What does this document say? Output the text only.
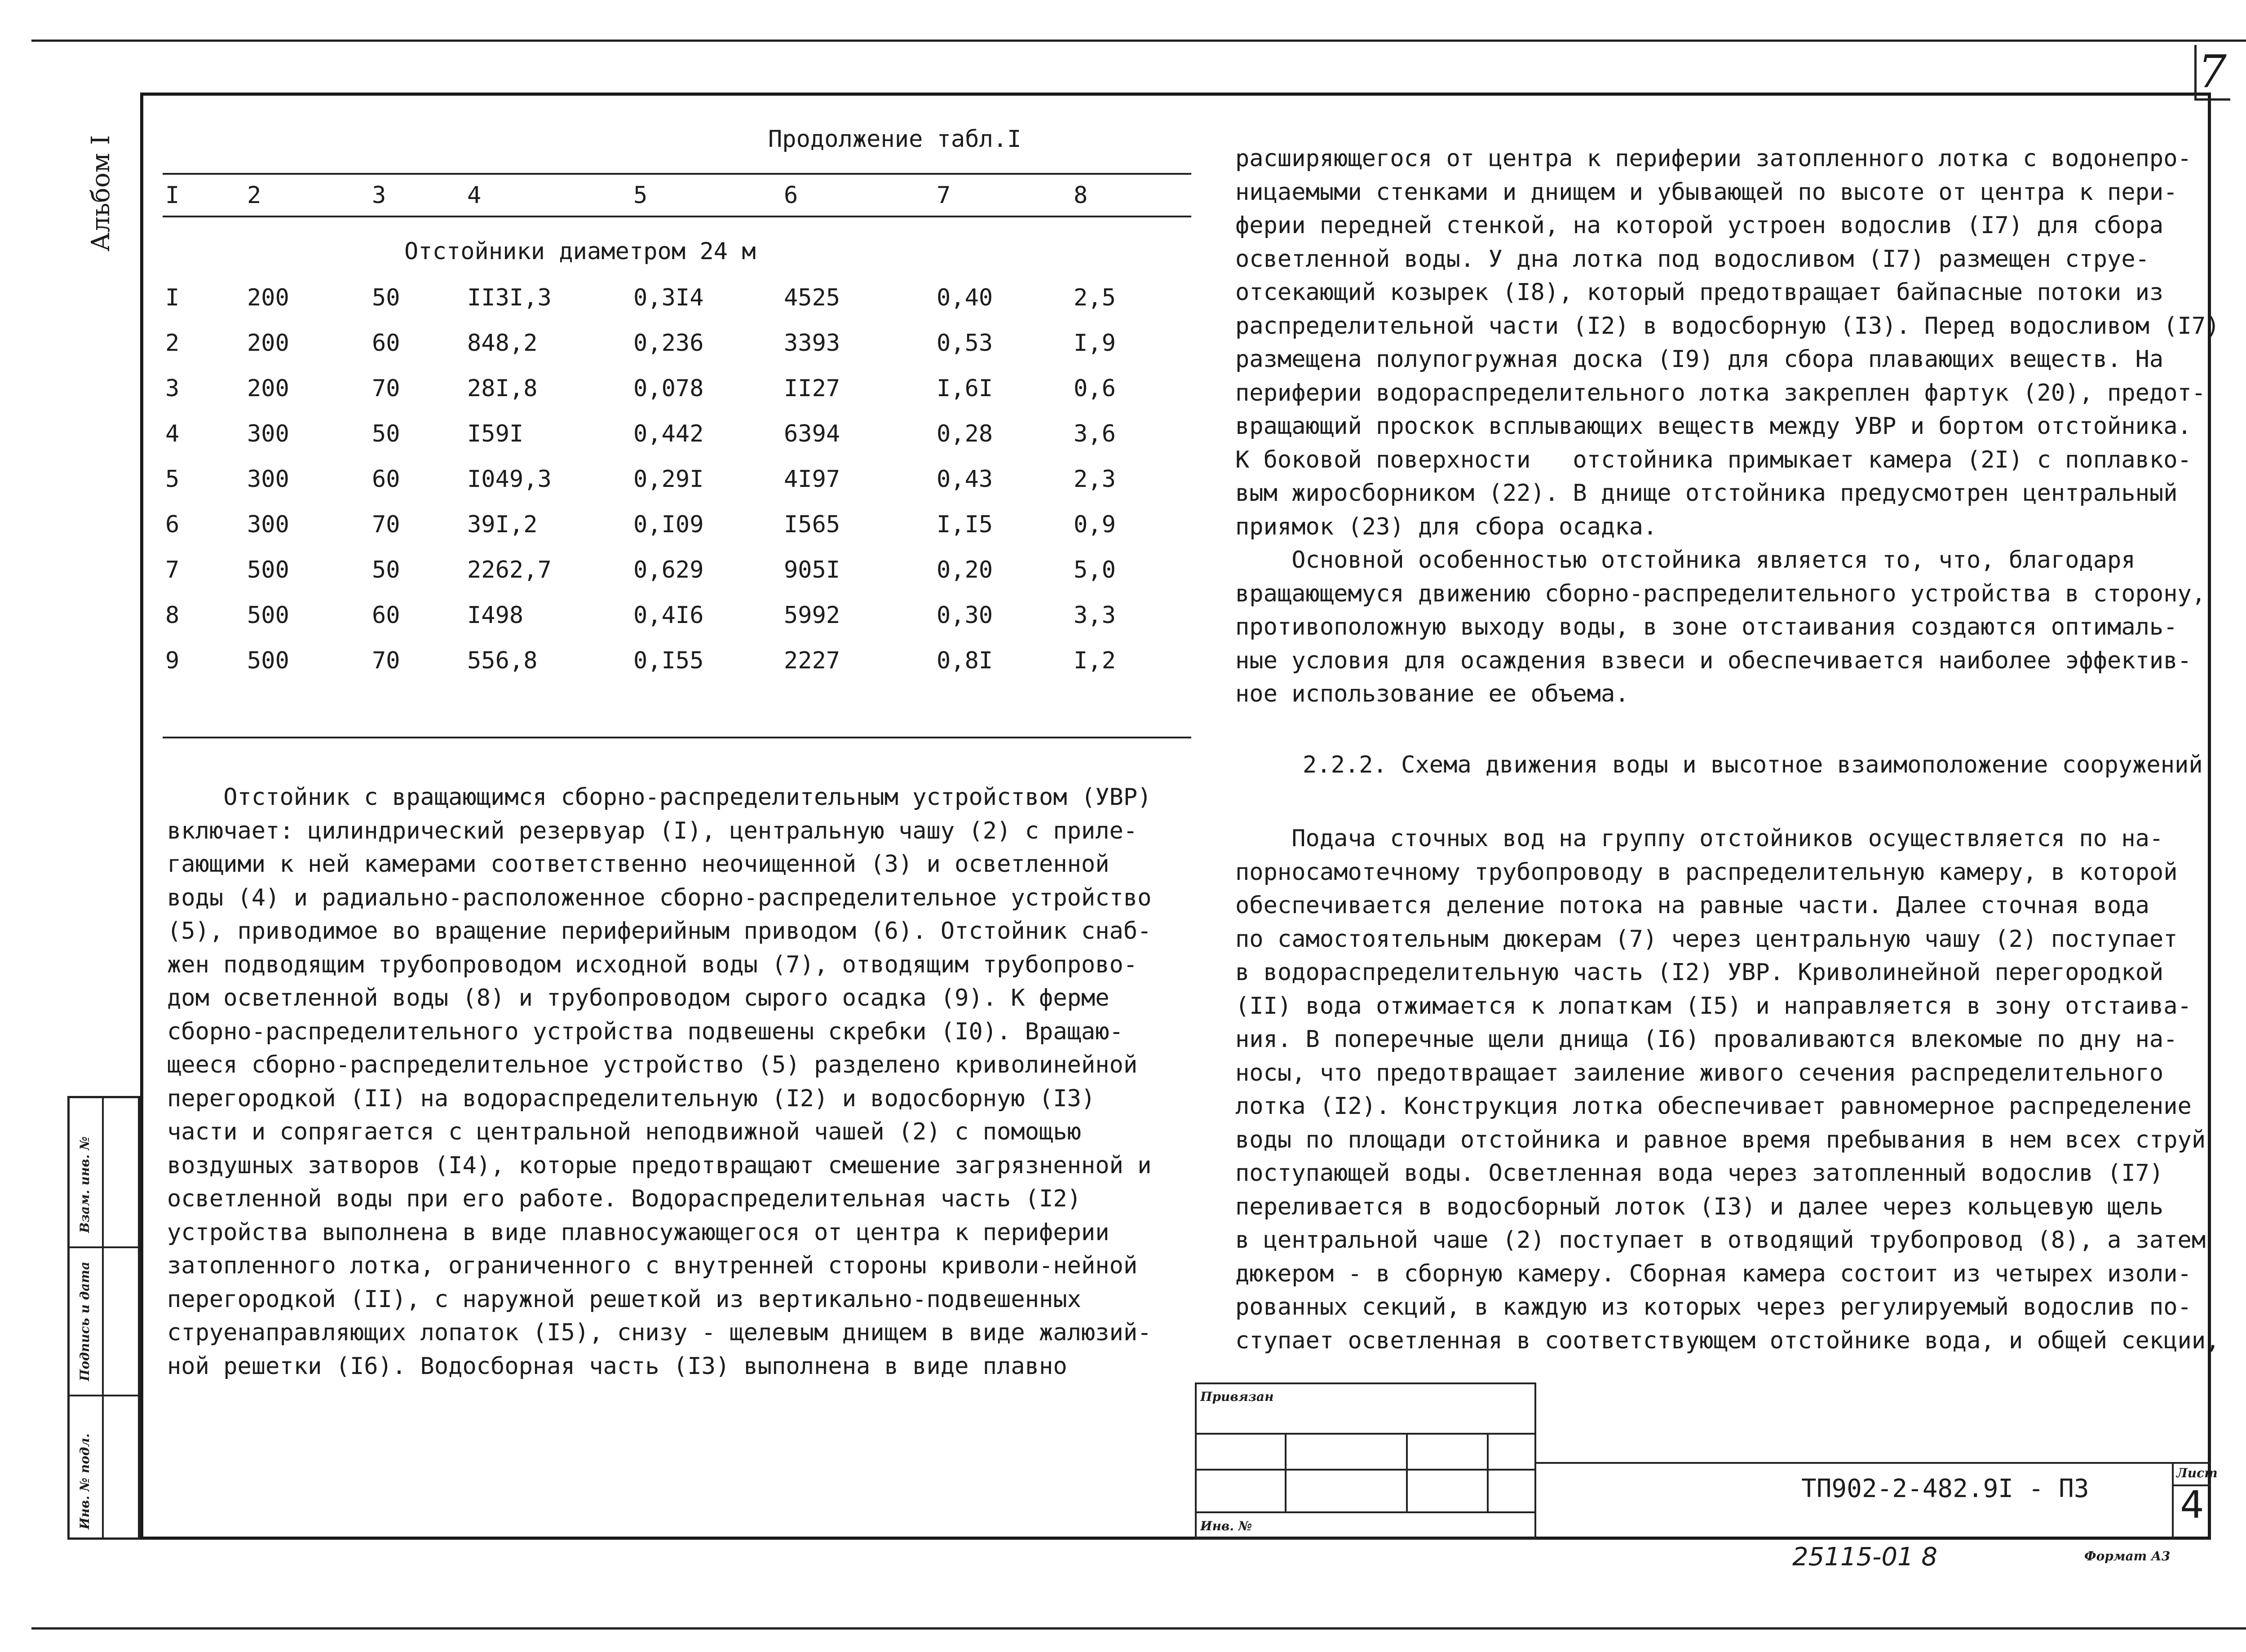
7
Альбом I
Взам. инв. №
Подпись и дата
Инв. № подл.
Продолжение табл.I
I	2	3	4	5	6	7	8
Отстойники диаметром 24 м
I	200	50	II3I,3	0,3I4	4525	0,40	2,5
2	200	60	848,2	0,236	3393	0,53	I,9
3	200	70	28I,8	0,078	II27	I,6I	0,6
4	300	50	I59I	0,442	6394	0,28	3,6
5	300	60	I049,3	0,29I	4I97	0,43	2,3
6	300	70	39I,2	0,I09	I565	I,I5	0,9
7	500	50	2262,7	0,629	905I	0,20	5,0
8	500	60	I498	0,4I6	5992	0,30	3,3
9	500	70	556,8	0,I55	2227	0,8I	I,2
Отстойник с вращающимся сборно-распределительным устройством (УВР)
включает: цилиндрический резервуар (I), центральную чашу (2) с приле-
гающими к ней камерами соответственно неочищенной (3) и осветленной
воды (4) и радиально-расположенное сборно-распределительное устройство
(5), приводимое во вращение периферийным приводом (6). Отстойник снаб-
жен подводящим трубопроводом исходной воды (7), отводящим трубопрово-
дом осветленной воды (8) и трубопроводом сырого осадка (9). К ферме
сборно-распределительного устройства подвешены скребки (I0). Вращаю-
щееся сборно-распределительное устройство (5) разделено криволинейной
перегородкой (II) на водораспределительную (I2) и водосборную (I3)
части и сопрягается с центральной неподвижной чашей (2) с помощью
воздушных затворов (I4), которые предотвращают смешение загрязненной и
осветленной воды при его работе. Водораспределительная часть (I2)
устройства выполнена в виде плавносужающегося от центра к периферии
затопленного лотка, ограниченного с внутренней стороны криволи-нейной
перегородкой (II), с наружной решеткой из вертикально-подвешенных
струенаправляющих лопаток (I5), снизу - щелевым днищем в виде жалюзий-
ной решетки (I6). Водосборная часть (I3) выполнена в виде плавно
расширяющегося от центра к периферии затопленного лотка с водонепро-
ницаемыми стенками и днищем и убывающей по высоте от центра к пери-
ферии передней стенкой, на которой устроен водослив (I7) для сбора
осветленной воды. У дна лотка под водосливом (I7) размещен струе-
отсекающий козырек (I8), который предотвращает байпасные потоки из
распределительной части (I2) в водосборную (I3). Перед водосливом (I7)
размещена полупогружная доска (I9) для сбора плавающих веществ. На
периферии водораспределительного лотка закреплен фартук (20), предот-
вращающий проскок всплывающих веществ между УВР и бортом отстойника.
К боковой поверхности   отстойника примыкает камера (2I) с поплавко-
вым жиросборником (22). В днище отстойника предусмотрен центральный
приямок (23) для сбора осадка.
Основной особенностью отстойника является то, что, благодаря
вращающемуся движению сборно-распределительного устройства в сторону,
противоположную выходу воды, в зоне отстаивания создаются оптималь-
ные условия для осаждения взвеси и обеспечивается наиболее эффектив-
ное использование ее объема.
2.2.2. Схема движения воды и высотное взаимоположение сооружений
Подача сточных вод на группу отстойников осуществляется по на-
порносамотечному трубопроводу в распределительную камеру, в которой
обеспечивается деление потока на равные части. Далее сточная вода
по самостоятельным дюкерам (7) через центральную чашу (2) поступает
в водораспределительную часть (I2) УВР. Криволинейной перегородкой
(II) вода отжимается к лопаткам (I5) и направляется в зону отстаива-
ния. В поперечные щели днища (I6) проваливаются влекомые по дну на-
носы, что предотвращает заиление живого сечения распределительного
лотка (I2). Конструкция лотка обеспечивает равномерное распределение
воды по площади отстойника и равное время пребывания в нем всех струй
поступающей воды. Осветленная вода через затопленный водослив (I7)
переливается в водосборный лоток (I3) и далее через кольцевую щель
в центральной чаше (2) поступает в отводящий трубопровод (8), а затем
дюкером - в сборную камеру. Сборная камера состоит из четырех изоли-
рованных секций, в каждую из которых через регулируемый водослив по-
ступает осветленная в соответствующем отстойнике вода, и общей секции,
Привязан
Инв. №
Лист
ТП902-2-482.9I - ПЗ 4
25115-01 8	Формат А3
